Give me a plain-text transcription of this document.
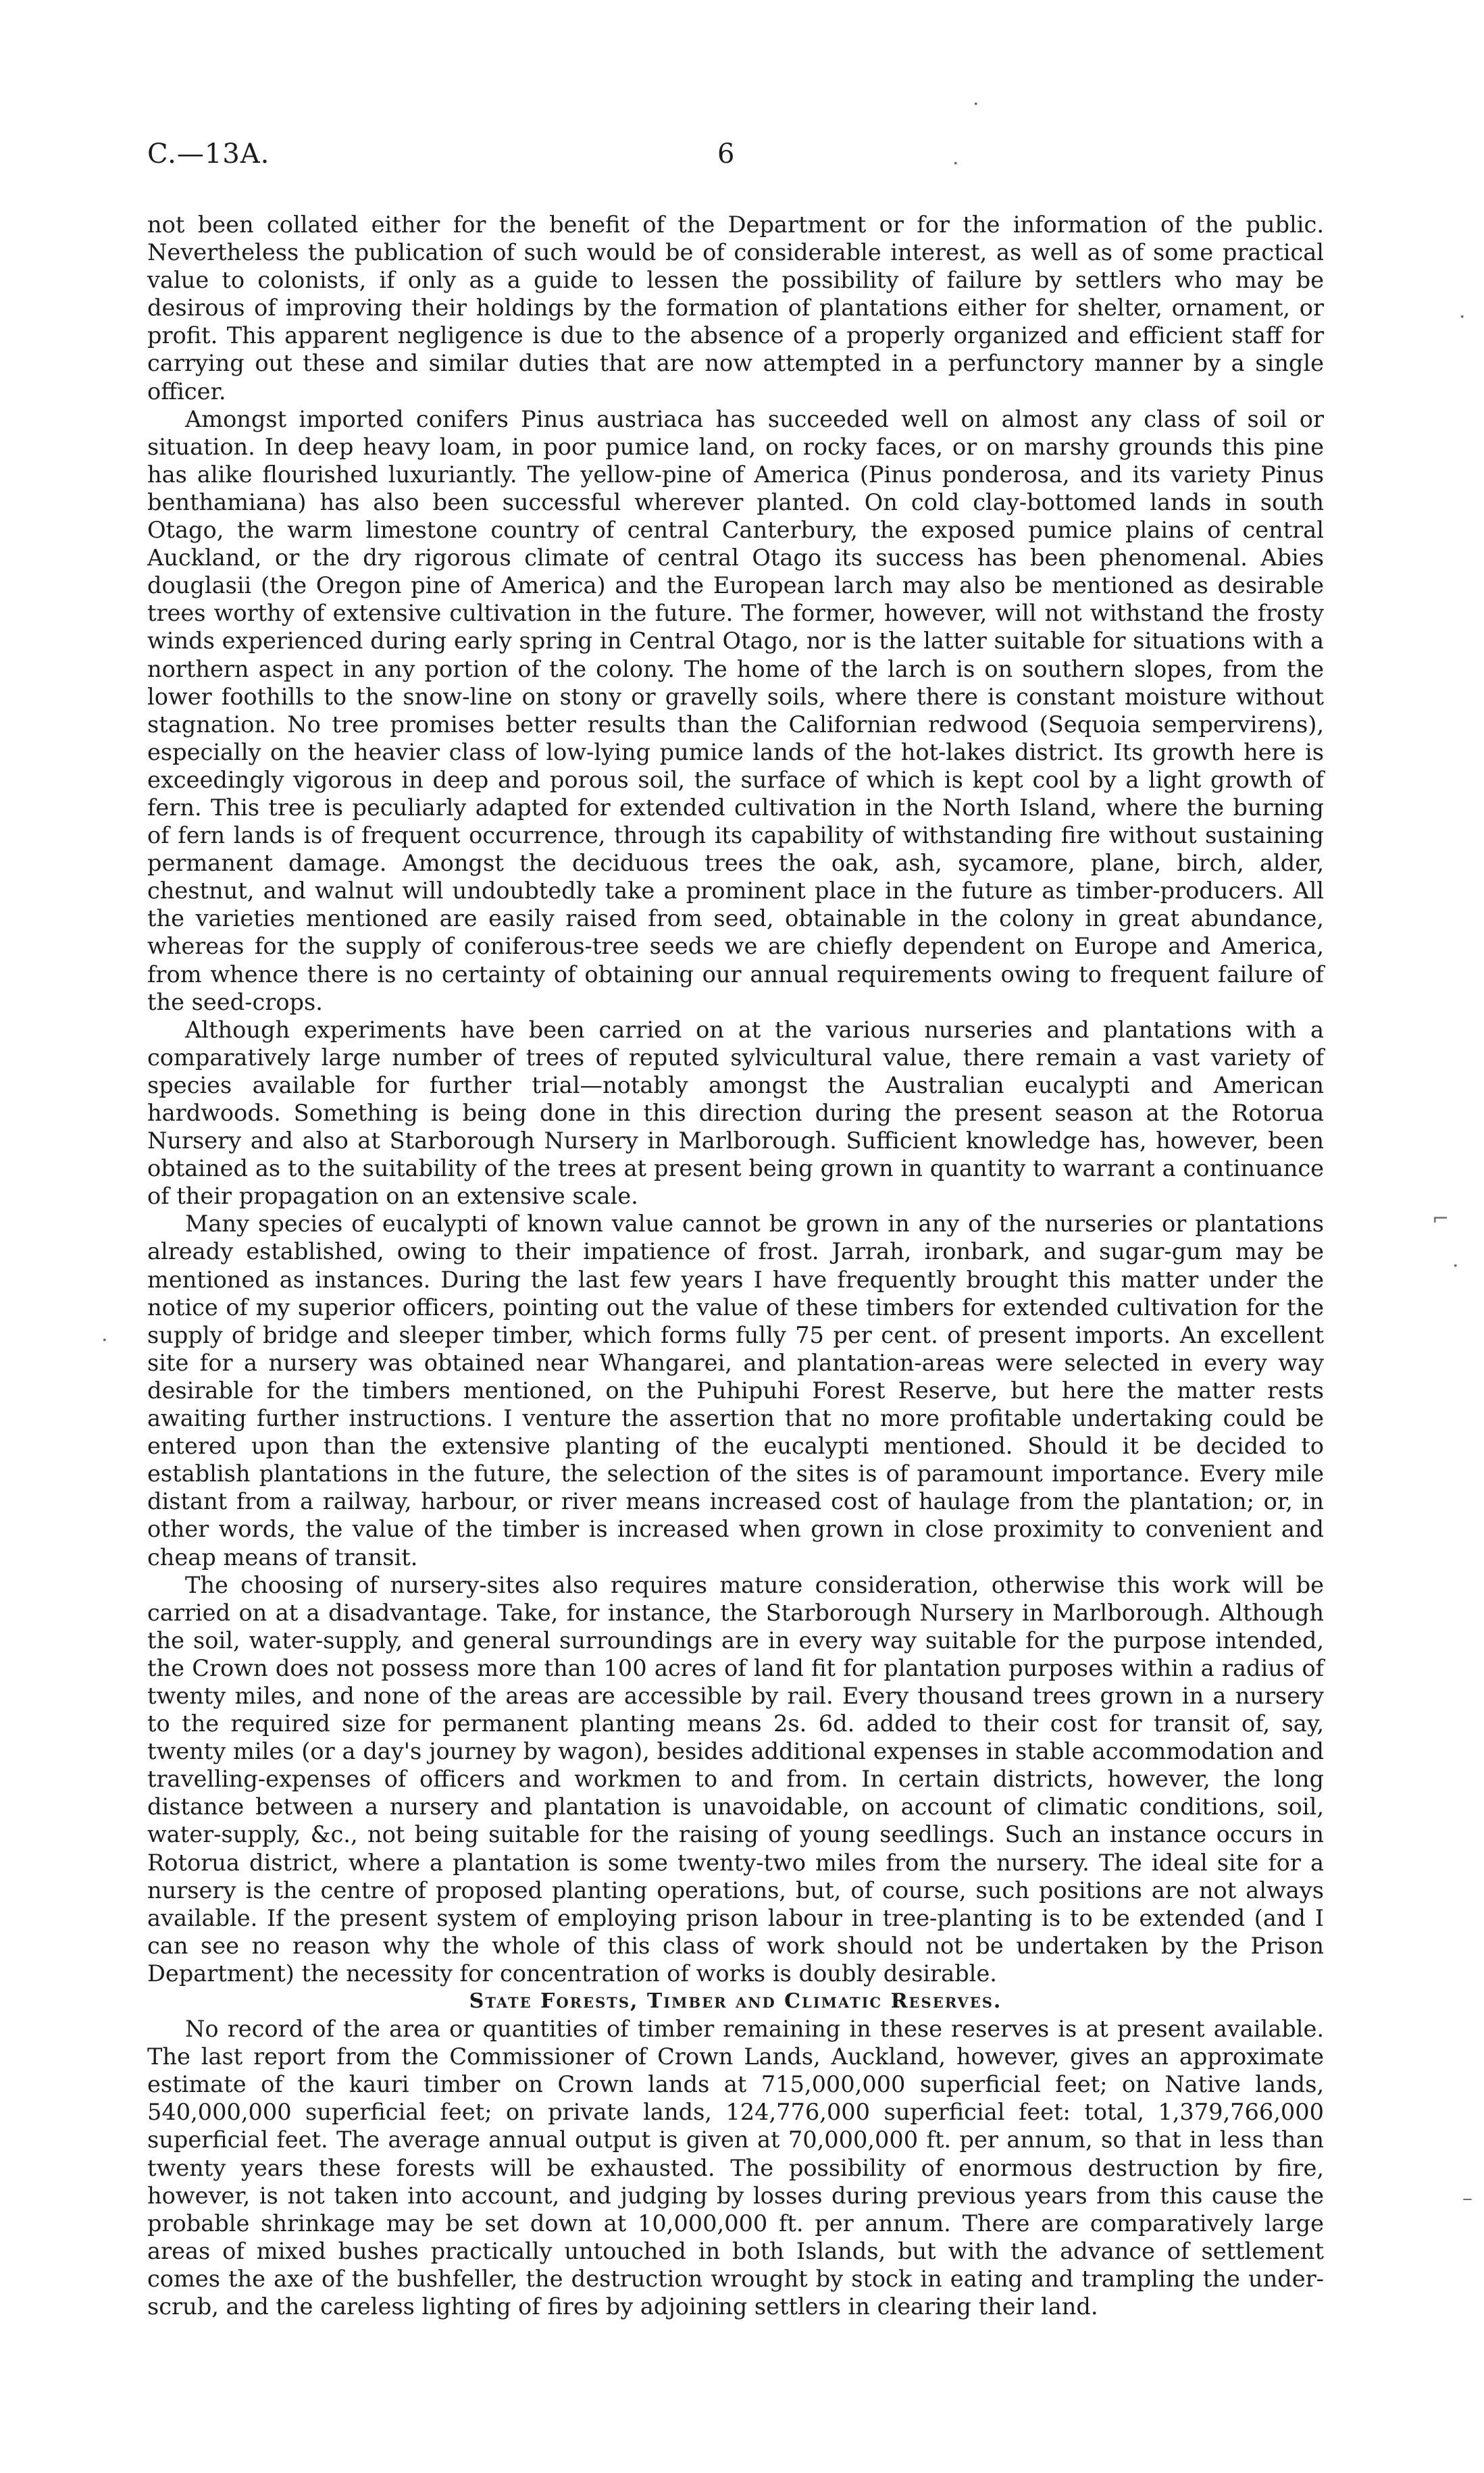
C.—13A.	6

not been collated either for the benefit of the Department or for the information of the public. Nevertheless the publication of such would be of considerable interest, as well as of some practical value to colonists, if only as a guide to lessen the possibility of failure by settlers who may be desirous of improving their holdings by the formation of plantations either for shelter, ornament, or profit. This apparent negligence is due to the absence of a properly organized and efficient staff for carrying out these and similar duties that are now attempted in a perfunctory manner by a single officer.

Amongst imported conifers Pinus austriaca has succeeded well on almost any class of soil or situation. In deep heavy loam, in poor pumice land, on rocky faces, or on marshy grounds this pine has alike flourished luxuriantly. The yellow-pine of America (Pinus ponderosa, and its variety Pinus benthamiana) has also been successful wherever planted. On cold clay-bottomed lands in south Otago, the warm limestone country of central Canterbury, the exposed pumice plains of central Auckland, or the dry rigorous climate of central Otago its success has been phenomenal. Abies douglasii (the Oregon pine of America) and the European larch may also be mentioned as desirable trees worthy of extensive cultivation in the future. The former, however, will not withstand the frosty winds experienced during early spring in Central Otago, nor is the latter suitable for situations with a northern aspect in any portion of the colony. The home of the larch is on southern slopes, from the lower foothills to the snow-line on stony or gravelly soils, where there is constant moisture without stagnation. No tree promises better results than the Californian redwood (Sequoia sempervirens), especially on the heavier class of low-lying pumice lands of the hot-lakes district. Its growth here is exceedingly vigorous in deep and porous soil, the surface of which is kept cool by a light growth of fern. This tree is peculiarly adapted for extended cultivation in the North Island, where the burning of fern lands is of frequent occurrence, through its capability of withstanding fire without sustaining permanent damage. Amongst the deciduous trees the oak, ash, sycamore, plane, birch, alder, chestnut, and walnut will undoubtedly take a prominent place in the future as timber-producers. All the varieties mentioned are easily raised from seed, obtainable in the colony in great abundance, whereas for the supply of coniferous-tree seeds we are chiefly dependent on Europe and America, from whence there is no certainty of obtaining our annual requirements owing to frequent failure of the seed-crops.

Although experiments have been carried on at the various nurseries and plantations with a comparatively large number of trees of reputed sylvicultural value, there remain a vast variety of species available for further trial—notably amongst the Australian eucalypti and American hardwoods. Something is being done in this direction during the present season at the Rotorua Nursery and also at Starborough Nursery in Marlborough. Sufficient knowledge has, however, been obtained as to the suitability of the trees at present being grown in quantity to warrant a continuance of their propagation on an extensive scale.

Many species of eucalypti of known value cannot be grown in any of the nurseries or plantations already established, owing to their impatience of frost. Jarrah, ironbark, and sugar-gum may be mentioned as instances. During the last few years I have frequently brought this matter under the notice of my superior officers, pointing out the value of these timbers for extended cultivation for the supply of bridge and sleeper timber, which forms fully 75 per cent. of present imports. An excellent site for a nursery was obtained near Whangarei, and plantation-areas were selected in every way desirable for the timbers mentioned, on the Puhipuhi Forest Reserve, but here the matter rests awaiting further instructions. I venture the assertion that no more profitable undertaking could be entered upon than the extensive planting of the eucalypti mentioned. Should it be decided to establish plantations in the future, the selection of the sites is of paramount importance. Every mile distant from a railway, harbour, or river means increased cost of haulage from the plantation; or, in other words, the value of the timber is increased when grown in close proximity to convenient and cheap means of transit.

The choosing of nursery-sites also requires mature consideration, otherwise this work will be carried on at a disadvantage. Take, for instance, the Starborough Nursery in Marlborough. Although the soil, water-supply, and general surroundings are in every way suitable for the purpose intended, the Crown does not possess more than 100 acres of land fit for plantation purposes within a radius of twenty miles, and none of the areas are accessible by rail. Every thousand trees grown in a nursery to the required size for permanent planting means 2s. 6d. added to their cost for transit of, say, twenty miles (or a day's journey by wagon), besides additional expenses in stable accommodation and travelling-expenses of officers and workmen to and from. In certain districts, however, the long distance between a nursery and plantation is unavoidable, on account of climatic conditions, soil, water-supply, &c., not being suitable for the raising of young seedlings. Such an instance occurs in Rotorua district, where a plantation is some twenty-two miles from the nursery. The ideal site for a nursery is the centre of proposed planting operations, but, of course, such positions are not always available. If the present system of employing prison labour in tree-planting is to be extended (and I can see no reason why the whole of this class of work should not be undertaken by the Prison Department) the necessity for concentration of works is doubly desirable.

State Forests, Timber and Climatic Reserves.

No record of the area or quantities of timber remaining in these reserves is at present available. The last report from the Commissioner of Crown Lands, Auckland, however, gives an approximate estimate of the kauri timber on Crown lands at 715,000,000 superficial feet; on Native lands, 540,000,000 superficial feet; on private lands, 124,776,000 superficial feet: total, 1,379,766,000 superficial feet. The average annual output is given at 70,000,000 ft. per annum, so that in less than twenty years these forests will be exhausted. The possibility of enormous destruction by fire, however, is not taken into account, and judging by losses during previous years from this cause the probable shrinkage may be set down at 10,000,000 ft. per annum. There are comparatively large areas of mixed bushes practically untouched in both Islands, but with the advance of settlement comes the axe of the bushfeller, the destruction wrought by stock in eating and trampling the under-scrub, and the careless lighting of fires by adjoining settlers in clearing their land.

·
·
·
⌐
·
·
–
